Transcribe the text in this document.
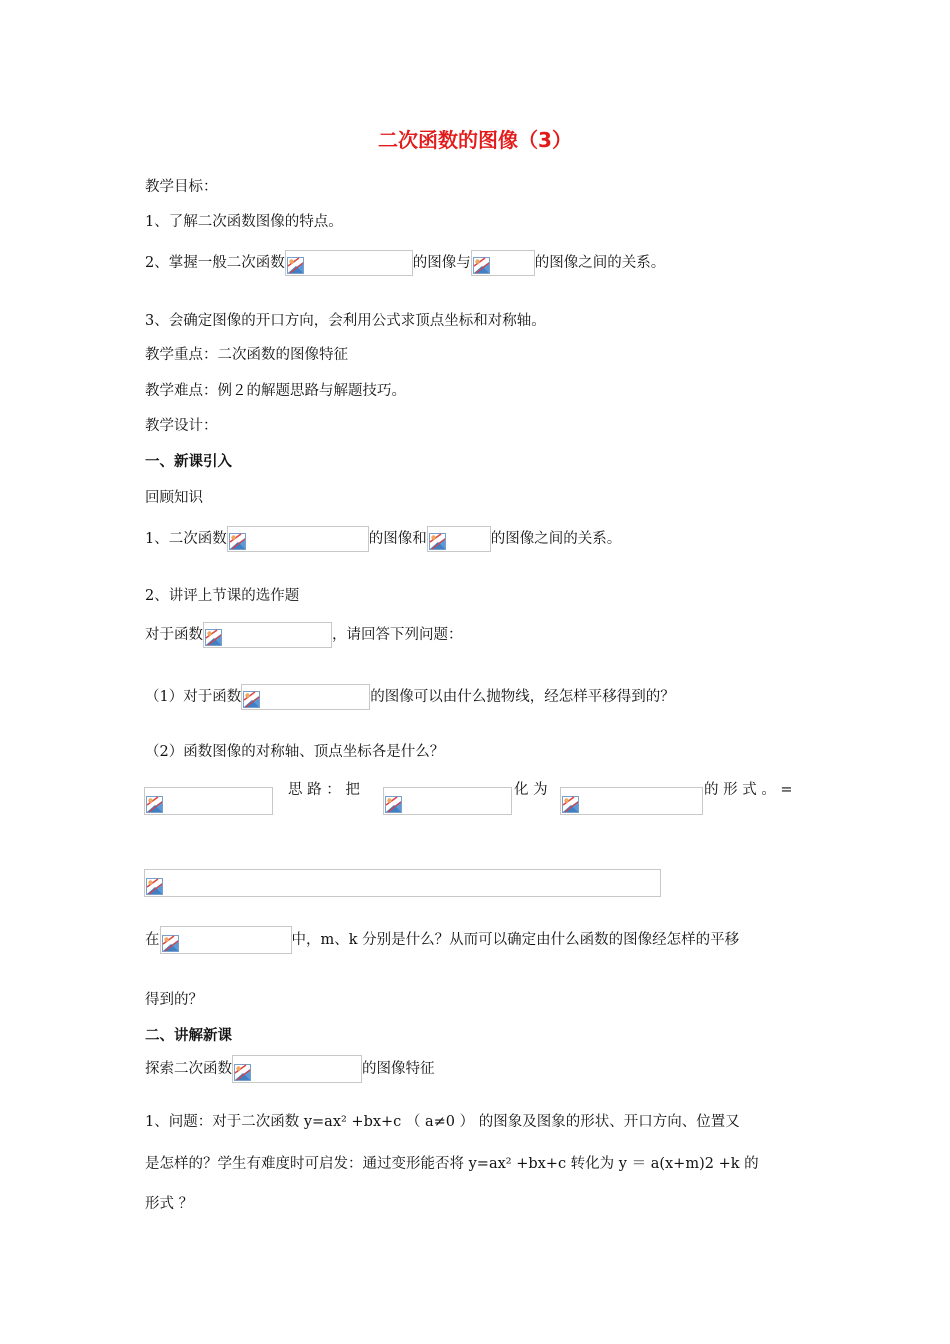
二次函数的图像（3）
教学目标：
1、了解二次函数图像的特点。
2、掌握一般二次函数	的图像与	的图像之间的关系。
3、会确定图像的开口方向，会利用公式求顶点坐标和对称轴。
教学重点：二次函数的图像特征
教学难点：例２的解题思路与解题技巧。
教学设计：
一、新课引入
回顾知识
1、二次函数	的图像和	的图像之间的关系。
2、讲评上节课的选作题
对于函数	，请回答下列问题：
（1）对于函数	的图像可以由什么抛物线，经怎样平移得到的？
（2）函数图像的对称轴、顶点坐标各是什么？
思 路 ： 把	化 为	的 形 式 。 =
在	中，m、k 分别是什么？从而可以确定由什么函数的图像经怎样的平移
得到的？
二、讲解新课
探索二次函数	的图像特征
1、问题：对于二次函数 y=ax² +bx+c （ a≠0 ） 的图象及图象的形状、开口方向、位置又
是怎样的？学生有难度时可启发：通过变形能否将 y=ax² +bx+c 转化为 y ＝ a(x+m)2 +k 的
形式 ？
